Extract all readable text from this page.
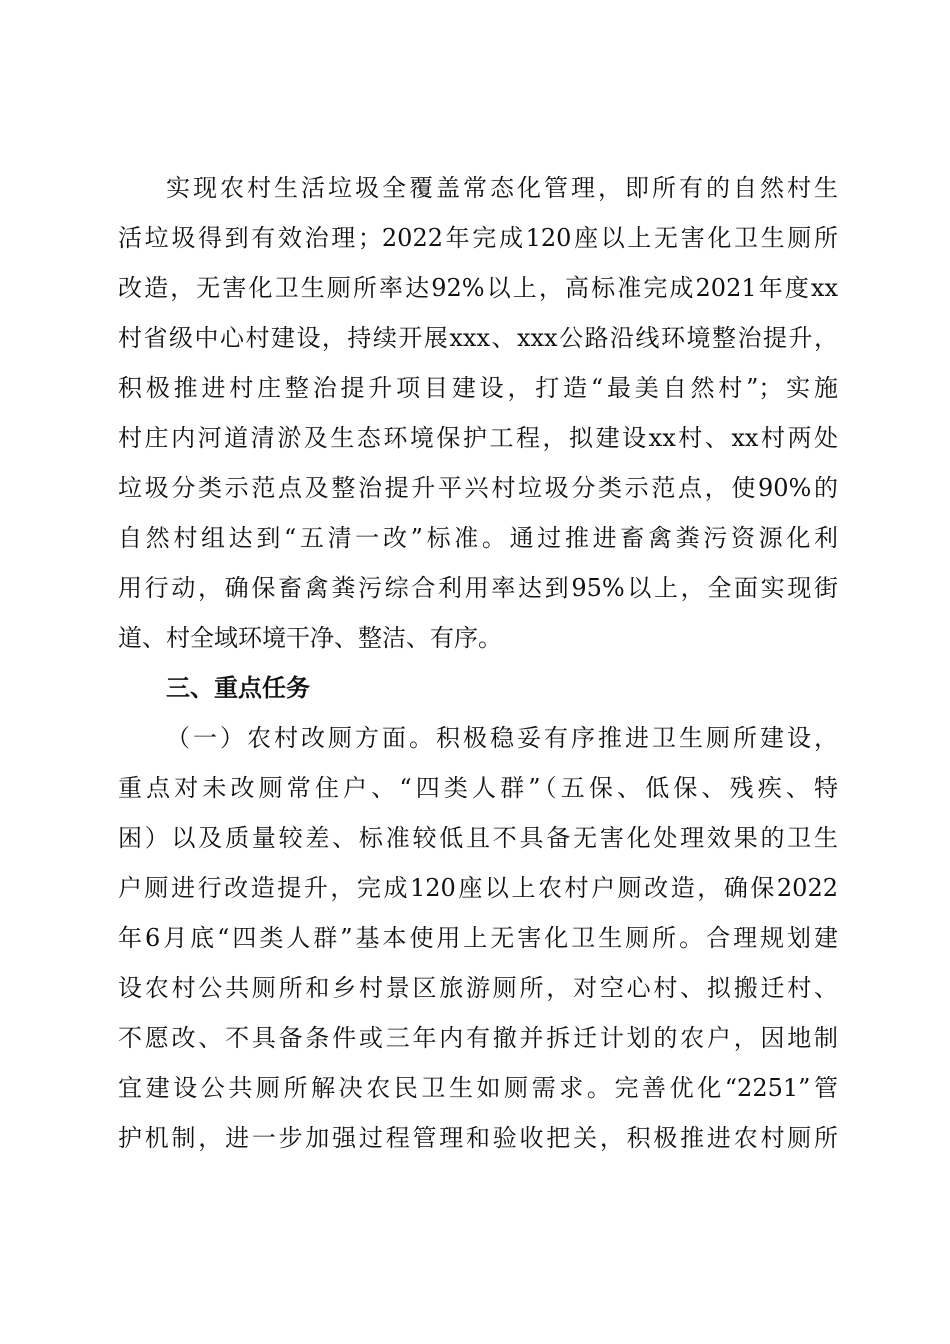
实现农村生活垃圾全覆盖常态化管理，即所有的自然村生
活垃圾得到有效治理；2022年完成120座以上无害化卫生厕所
改造，无害化卫生厕所率达92%以上，高标准完成2021年度xx
村省级中心村建设，持续开展xxx、xxx公路沿线环境整治提升，
积极推进村庄整治提升项目建设，打造“最美自然村”；实施
村庄内河道清淤及生态环境保护工程，拟建设xx村、xx村两处
垃圾分类示范点及整治提升平兴村垃圾分类示范点，使90%的
自然村组达到“五清一改”标准。通过推进畜禽粪污资源化利
用行动，确保畜禽粪污综合利用率达到95%以上，全面实现街
道、村全域环境干净、整洁、有序。
三、重点任务
（一）农村改厕方面。积极稳妥有序推进卫生厕所建设，
重点对未改厕常住户、“四类人群”（五保、低保、残疾、特
困）以及质量较差、标准较低且不具备无害化处理效果的卫生
户厕进行改造提升，完成120座以上农村户厕改造，确保2022
年6月底“四类人群”基本使用上无害化卫生厕所。合理规划建
设农村公共厕所和乡村景区旅游厕所，对空心村、拟搬迁村、
不愿改、不具备条件或三年内有撤并拆迁计划的农户，因地制
宜建设公共厕所解决农民卫生如厕需求。完善优化“2251”管
护机制，进一步加强过程管理和验收把关，积极推进农村厕所
